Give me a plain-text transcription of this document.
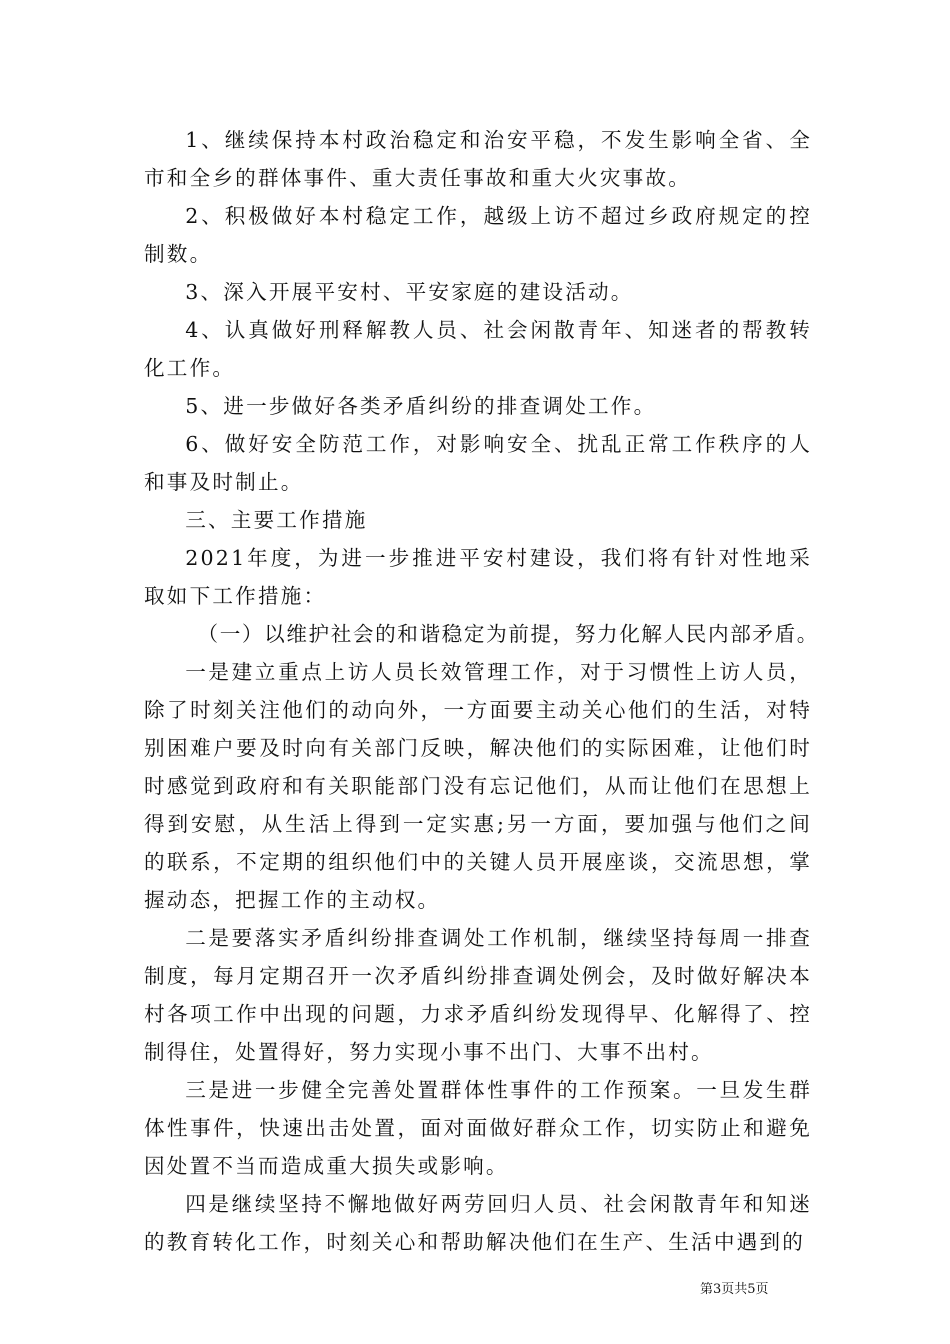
1、继续保持本村政治稳定和治安平稳，不发生影响全省、全市和全乡的群体事件、重大责任事故和重大火灾事故。

2、积极做好本村稳定工作，越级上访不超过乡政府规定的控制数。

3、深入开展平安村、平安家庭的建设活动。

4、认真做好刑释解教人员、社会闲散青年、知迷者的帮教转化工作。

5、进一步做好各类矛盾纠纷的排查调处工作。

6、做好安全防范工作，对影响安全、扰乱正常工作秩序的人和事及时制止。

三、主要工作措施

2021年度，为进一步推进平安村建设，我们将有针对性地采取如下工作措施：

（一）以维护社会的和谐稳定为前提，努力化解人民内部矛盾。

一是建立重点上访人员长效管理工作，对于习惯性上访人员，除了时刻关注他们的动向外，一方面要主动关心他们的生活，对特别困难户要及时向有关部门反映，解决他们的实际困难，让他们时时感觉到政府和有关职能部门没有忘记他们，从而让他们在思想上得到安慰，从生活上得到一定实惠;另一方面，要加强与他们之间的联系，不定期的组织他们中的关键人员开展座谈，交流思想，掌握动态，把握工作的主动权。

二是要落实矛盾纠纷排查调处工作机制，继续坚持每周一排查制度，每月定期召开一次矛盾纠纷排查调处例会，及时做好解决本村各项工作中出现的问题，力求矛盾纠纷发现得早、化解得了、控制得住，处置得好，努力实现小事不出门、大事不出村。

三是进一步健全完善处置群体性事件的工作预案。一旦发生群体性事件，快速出击处置，面对面做好群众工作，切实防止和避免因处置不当而造成重大损失或影响。

四是继续坚持不懈地做好两劳回归人员、社会闲散青年和知迷的教育转化工作，时刻关心和帮助解决他们在生产、生活中遇到的

第3页共5页
